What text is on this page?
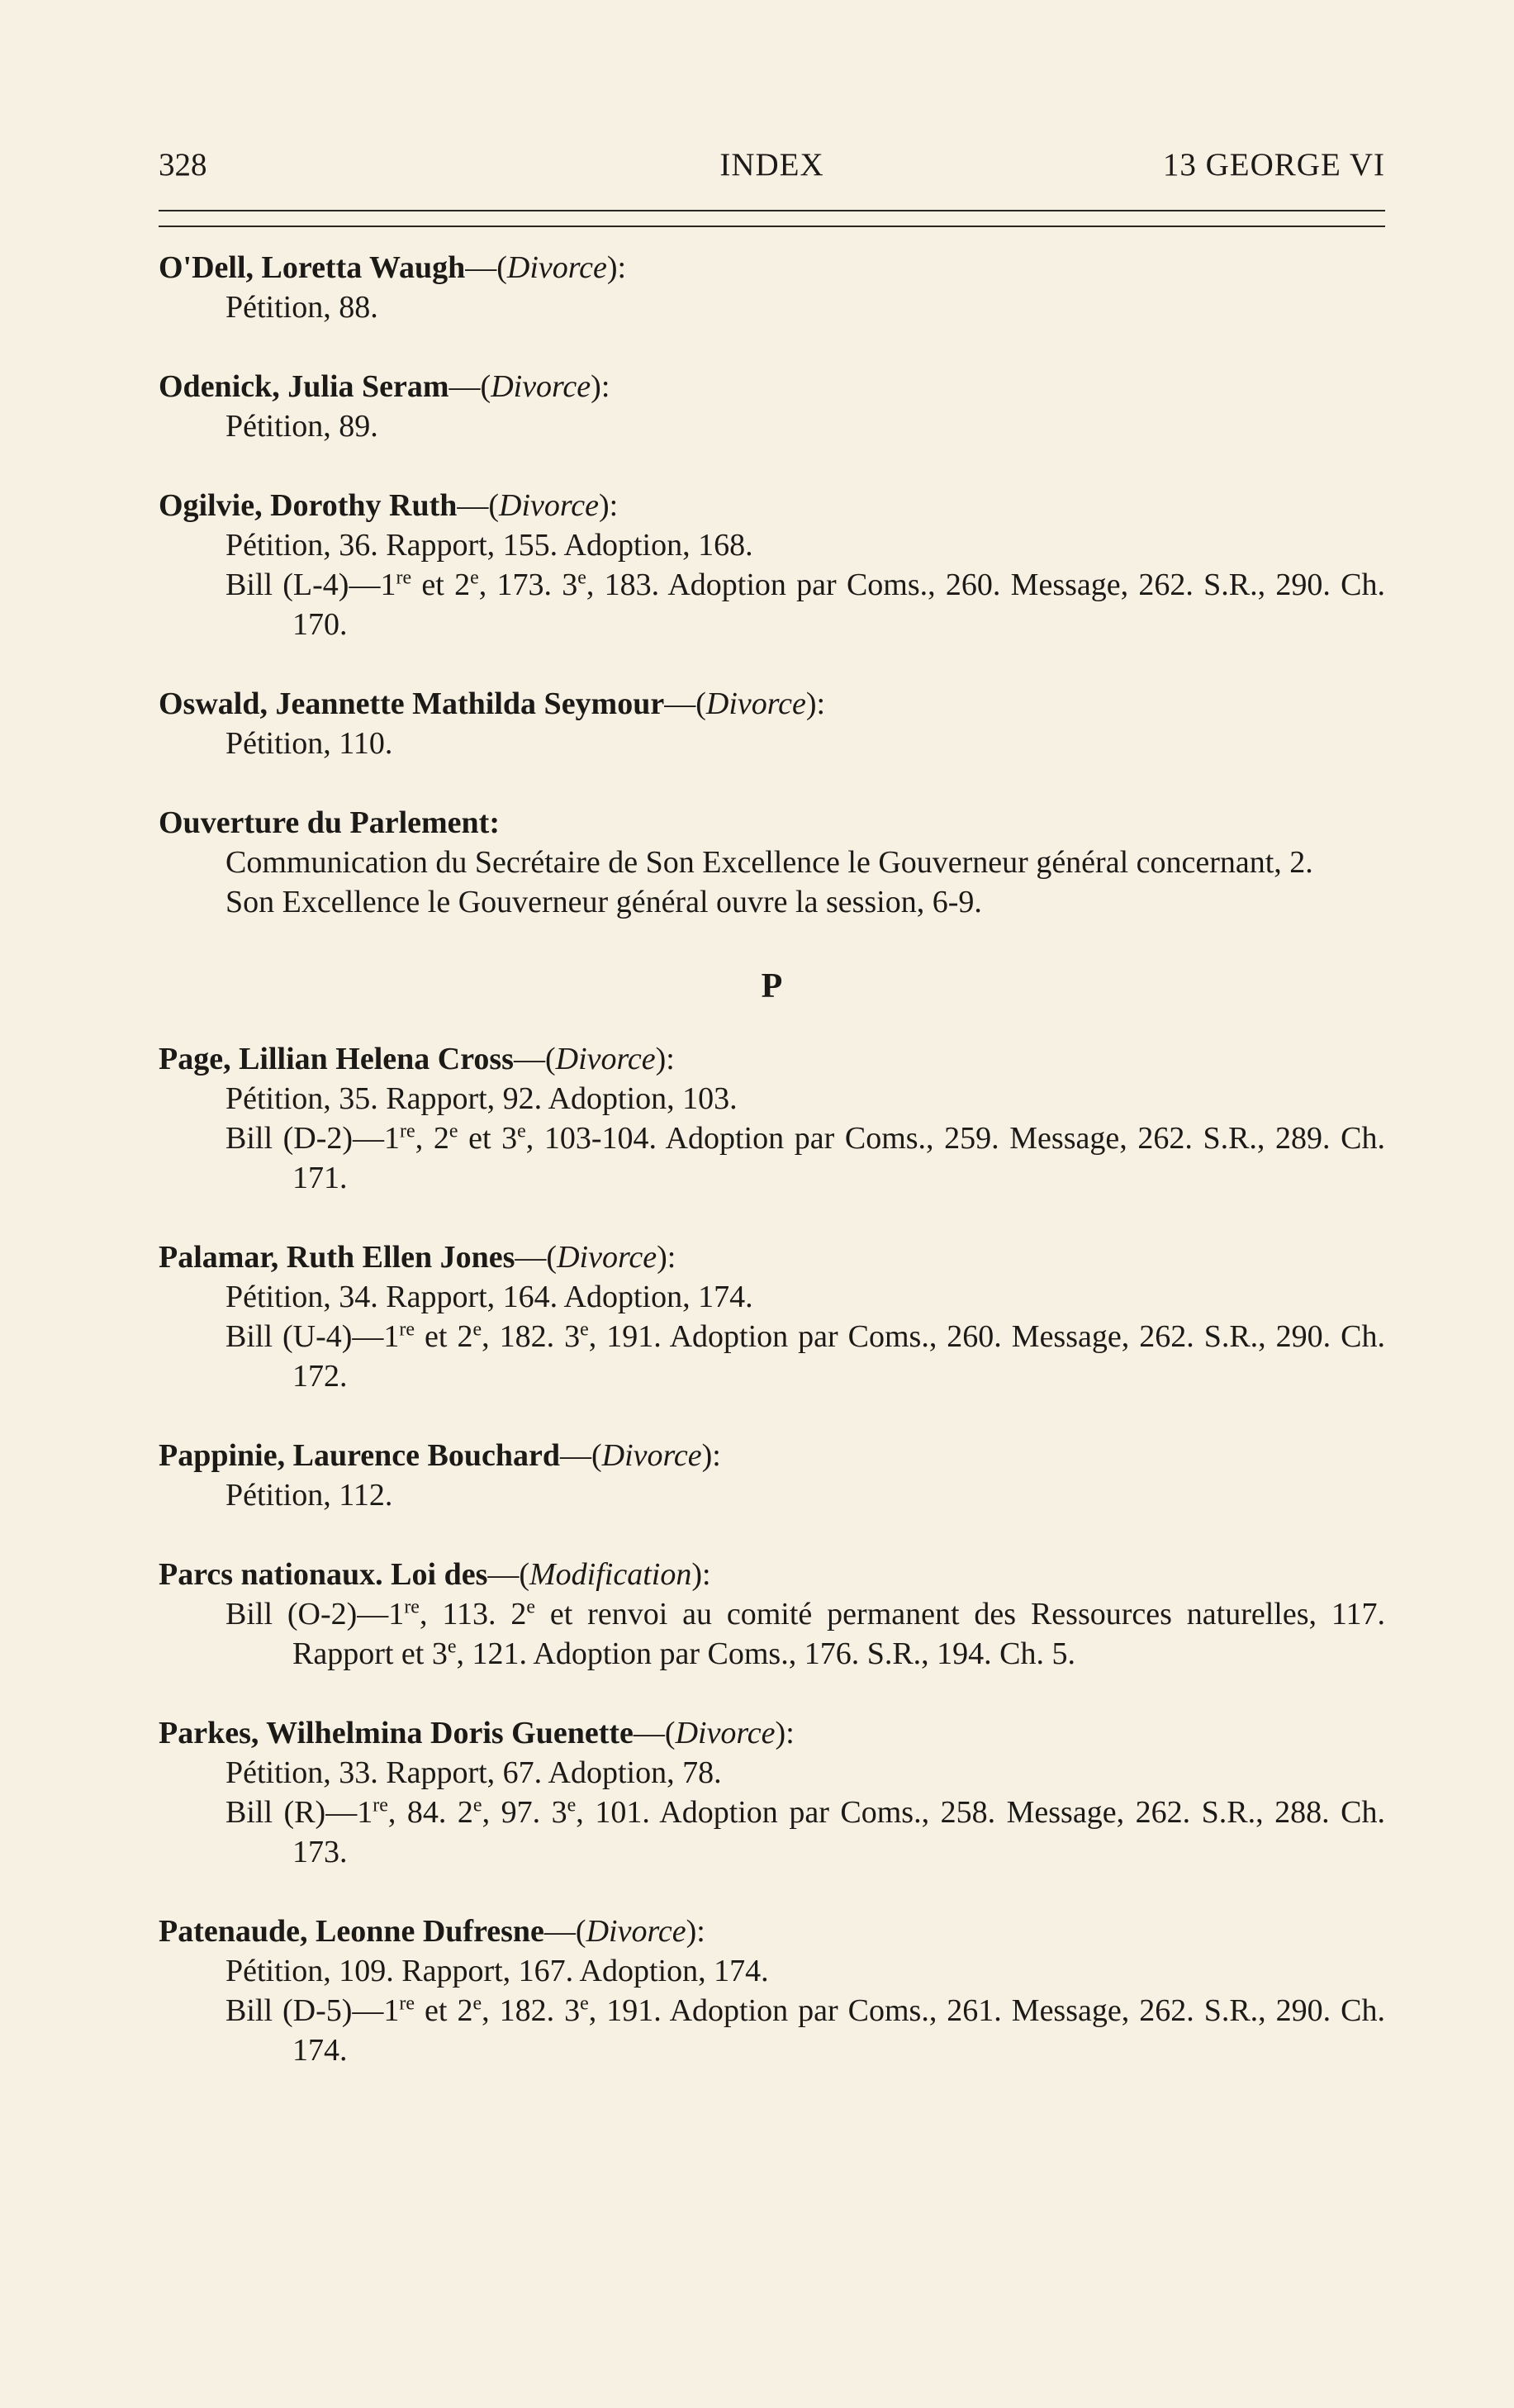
328	INDEX	13 GEORGE VI

O'Dell, Loretta Waugh—(Divorce):

Pétition, 88.

Odenick, Julia Seram—(Divorce):

Pétition, 89.

Ogilvie, Dorothy Ruth—(Divorce):

Pétition, 36. Rapport, 155. Adoption, 168.

Bill (L-4)—1re et 2e, 173. 3e, 183. Adoption par Coms., 260. Message, 262. S.R., 290. Ch. 170.

Oswald, Jeannette Mathilda Seymour—(Divorce):

Pétition, 110.

Ouverture du Parlement:

Communication du Secrétaire de Son Excellence le Gouverneur général concernant, 2.

Son Excellence le Gouverneur général ouvre la session, 6-9.

P

Page, Lillian Helena Cross—(Divorce):

Pétition, 35. Rapport, 92. Adoption, 103.

Bill (D-2)—1re, 2e et 3e, 103-104. Adoption par Coms., 259. Message, 262. S.R., 289. Ch. 171.

Palamar, Ruth Ellen Jones—(Divorce):

Pétition, 34. Rapport, 164. Adoption, 174.

Bill (U-4)—1re et 2e, 182. 3e, 191. Adoption par Coms., 260. Message, 262. S.R., 290. Ch. 172.

Pappinie, Laurence Bouchard—(Divorce):

Pétition, 112.

Parcs nationaux. Loi des—(Modification):

Bill (O-2)—1re, 113. 2e et renvoi au comité permanent des Ressources naturelles, 117. Rapport et 3e, 121. Adoption par Coms., 176. S.R., 194. Ch. 5.

Parkes, Wilhelmina Doris Guenette—(Divorce):

Pétition, 33. Rapport, 67. Adoption, 78.

Bill (R)—1re, 84. 2e, 97. 3e, 101. Adoption par Coms., 258. Message, 262. S.R., 288. Ch. 173.

Patenaude, Leonne Dufresne—(Divorce):

Pétition, 109. Rapport, 167. Adoption, 174.

Bill (D-5)—1re et 2e, 182. 3e, 191. Adoption par Coms., 261. Message, 262. S.R., 290. Ch. 174.
